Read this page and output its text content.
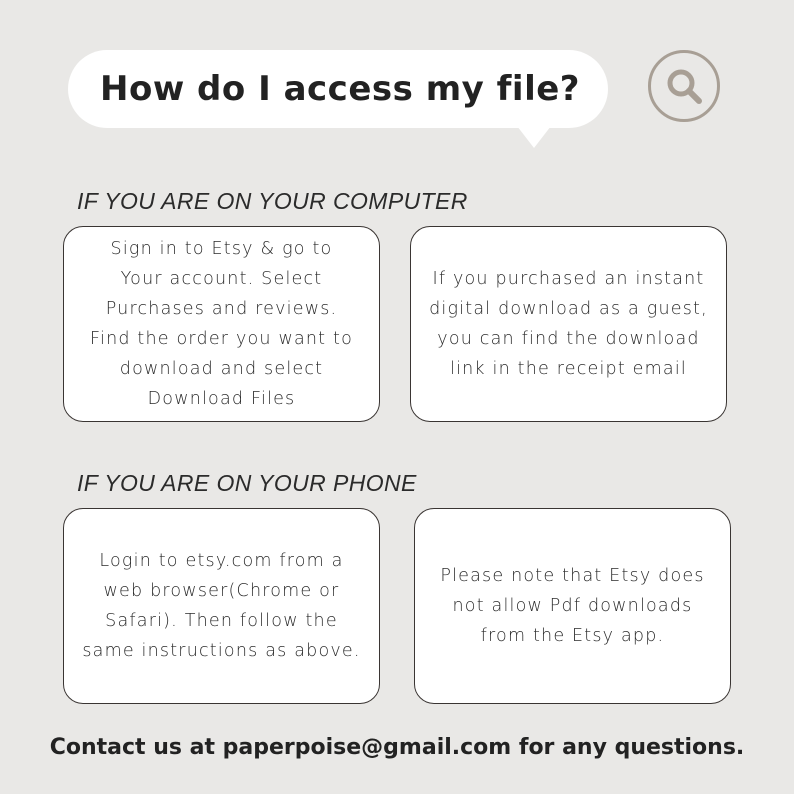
How do I access my file?
IF YOU ARE ON YOUR COMPUTER
Sign in to Etsy & go to
Your account. Select
Purchases and reviews.
Find the order you want to
download and select
Download Files
If you purchased an instant
digital download as a guest,
you can find the download
link in the receipt email
IF YOU ARE ON YOUR PHONE
Login to etsy.com from a
web browser(Chrome or
Safari). Then follow the
same instructions as above.
Please note that Etsy does
not allow Pdf downloads
from the Etsy app.
Contact us at paperpoise@gmail.com for any questions.
